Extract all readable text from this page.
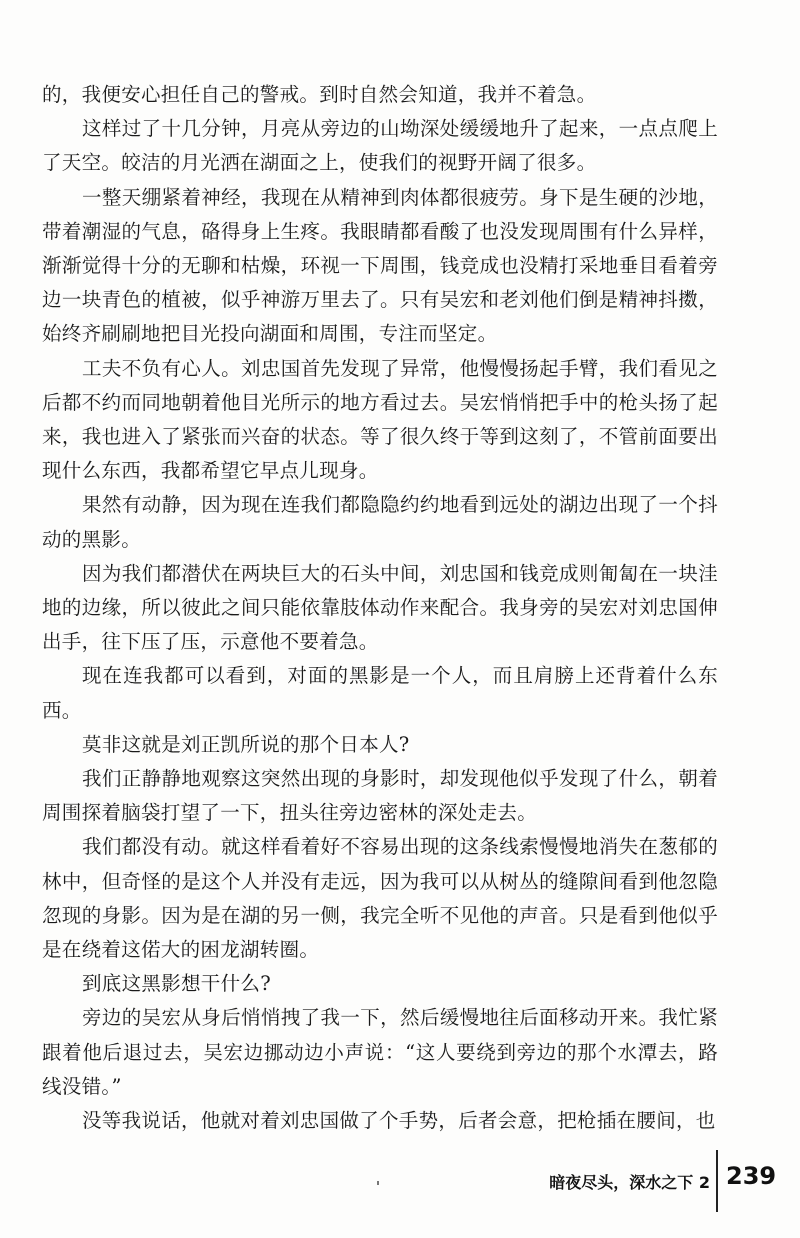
的，我便安心担任自己的警戒。到时自然会知道，我并不着急。

这样过了十几分钟，月亮从旁边的山坳深处缓缓地升了起来，一点点爬上了天空。皎洁的月光洒在湖面之上，使我们的视野开阔了很多。

一整天绷紧着神经，我现在从精神到肉体都很疲劳。身下是生硬的沙地，带着潮湿的气息，硌得身上生疼。我眼睛都看酸了也没发现周围有什么异样，渐渐觉得十分的无聊和枯燥，环视一下周围，钱竞成也没精打采地垂目看着旁边一块青色的植被，似乎神游万里去了。只有吴宏和老刘他们倒是精神抖擞，始终齐刷刷地把目光投向湖面和周围，专注而坚定。

工夫不负有心人。刘忠国首先发现了异常，他慢慢扬起手臂，我们看见之后都不约而同地朝着他目光所示的地方看过去。吴宏悄悄把手中的枪头扬了起来，我也进入了紧张而兴奋的状态。等了很久终于等到这刻了，不管前面要出现什么东西，我都希望它早点儿现身。

果然有动静，因为现在连我们都隐隐约约地看到远处的湖边出现了一个抖动的黑影。

因为我们都潜伏在两块巨大的石头中间，刘忠国和钱竞成则匍匐在一块洼地的边缘，所以彼此之间只能依靠肢体动作来配合。我身旁的吴宏对刘忠国伸出手，往下压了压，示意他不要着急。

现在连我都可以看到，对面的黑影是一个人，而且肩膀上还背着什么东西。

莫非这就是刘正凯所说的那个日本人?

我们正静静地观察这突然出现的身影时，却发现他似乎发现了什么，朝着周围探着脑袋打望了一下，扭头往旁边密林的深处走去。

我们都没有动。就这样看着好不容易出现的这条线索慢慢地消失在葱郁的林中，但奇怪的是这个人并没有走远，因为我可以从树丛的缝隙间看到他忽隐忽现的身影。因为是在湖的另一侧，我完全听不见他的声音。只是看到他似乎是在绕着这偌大的困龙湖转圈。

到底这黑影想干什么?

旁边的吴宏从身后悄悄拽了我一下，然后缓慢地往后面移动开来。我忙紧跟着他后退过去，吴宏边挪动边小声说：“这人要绕到旁边的那个水潭去，路线没错。”

没等我说话，他就对着刘忠国做了个手势，后者会意，把枪插在腰间，也

暗夜尽头，深水之下 2 239
